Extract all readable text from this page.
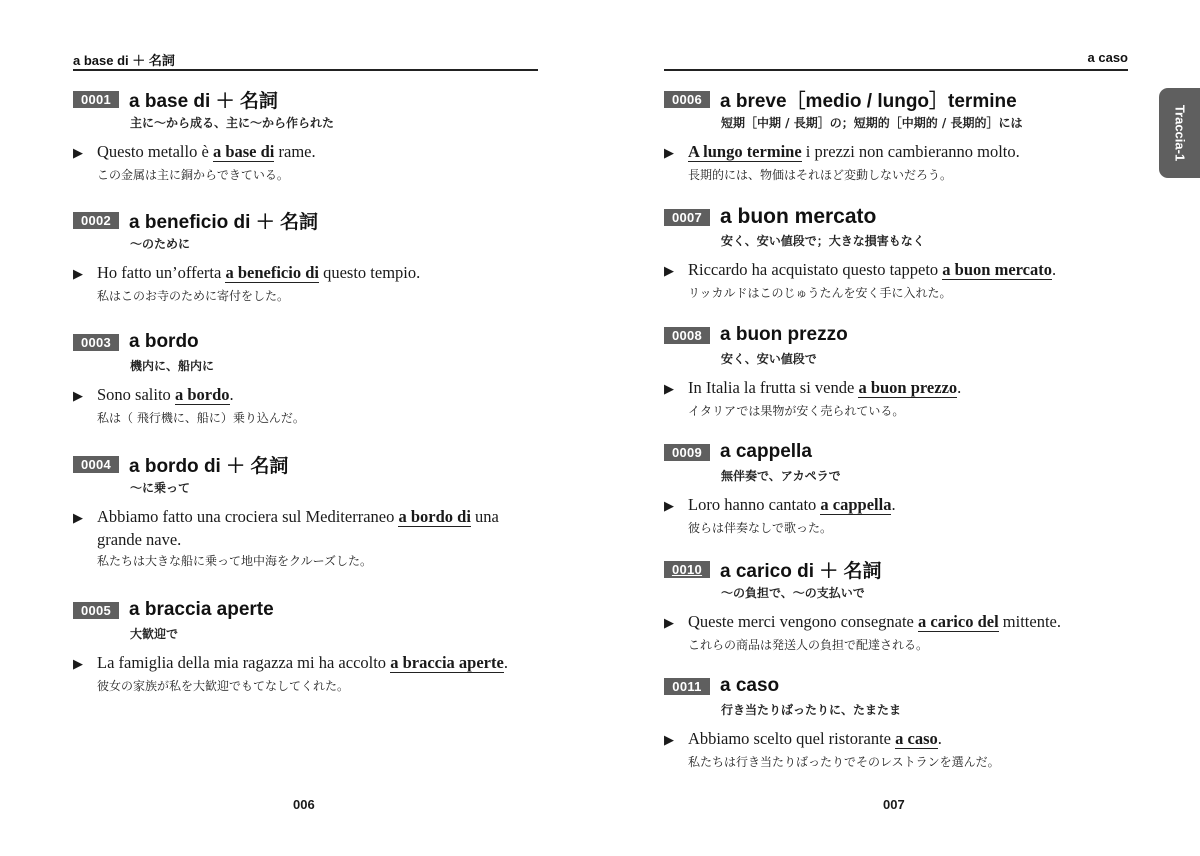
a base di ＋ 名詞
0001 a base di ＋ 名詞
主に～から成る、主に～から作られた
▶ Questo metallo è a base di rame.
この金属は主に銅からできている。
0002 a beneficio di ＋ 名詞
～のために
▶ Ho fatto un’offerta a beneficio di questo tempio.
私はこのお寺のために寄付をした。
0003 a bordo
機内に、船内に
▶ Sono salito a bordo.
私は（ 飛行機に、船に）乗り込んだ。
0004 a bordo di ＋ 名詞
～に乗って
▶ Abbiamo fatto una crociera sul Mediterraneo a bordo di una grande nave.
私たちは大きな船に乗って地中海をクルーズした。
0005 a braccia aperte
大歓迎で
▶ La famiglia della mia ragazza mi ha accolto a braccia aperte.
彼女の家族が私を大歓迎でもてなしてくれた。
006
a caso
0006 a breve［medio / lungo］termine
短期［中期 / 長期］の；短期的［中期的 / 長期的］には
▶ A lungo termine i prezzi non cambieranno molto.
長期的には、物価はそれほど変動しないだろう。
0007 a buon mercato
安く、安い値段で；大きな損害もなく
▶ Riccardo ha acquistato questo tappeto a buon mercato.
リッカルドはこのじゅうたんを安く手に入れた。
0008 a buon prezzo
安く、安い値段で
▶ In Italia la frutta si vende a buon prezzo.
イタリアでは果物が安く売られている。
0009 a cappella
無伴奏で、アカペラで
▶ Loro hanno cantato a cappella.
彼らは伴奏なしで歌った。
0010 a carico di ＋ 名詞
～の負担で、～の支払いで
▶ Queste merci vengono consegnate a carico del mittente.
これらの商品は発送人の負担で配達される。
0011 a caso
行き当たりばったりに、たまたま
▶ Abbiamo scelto quel ristorante a caso.
私たちは行き当たりばったりでそのレストランを選んだ。
007
Traccia-1
